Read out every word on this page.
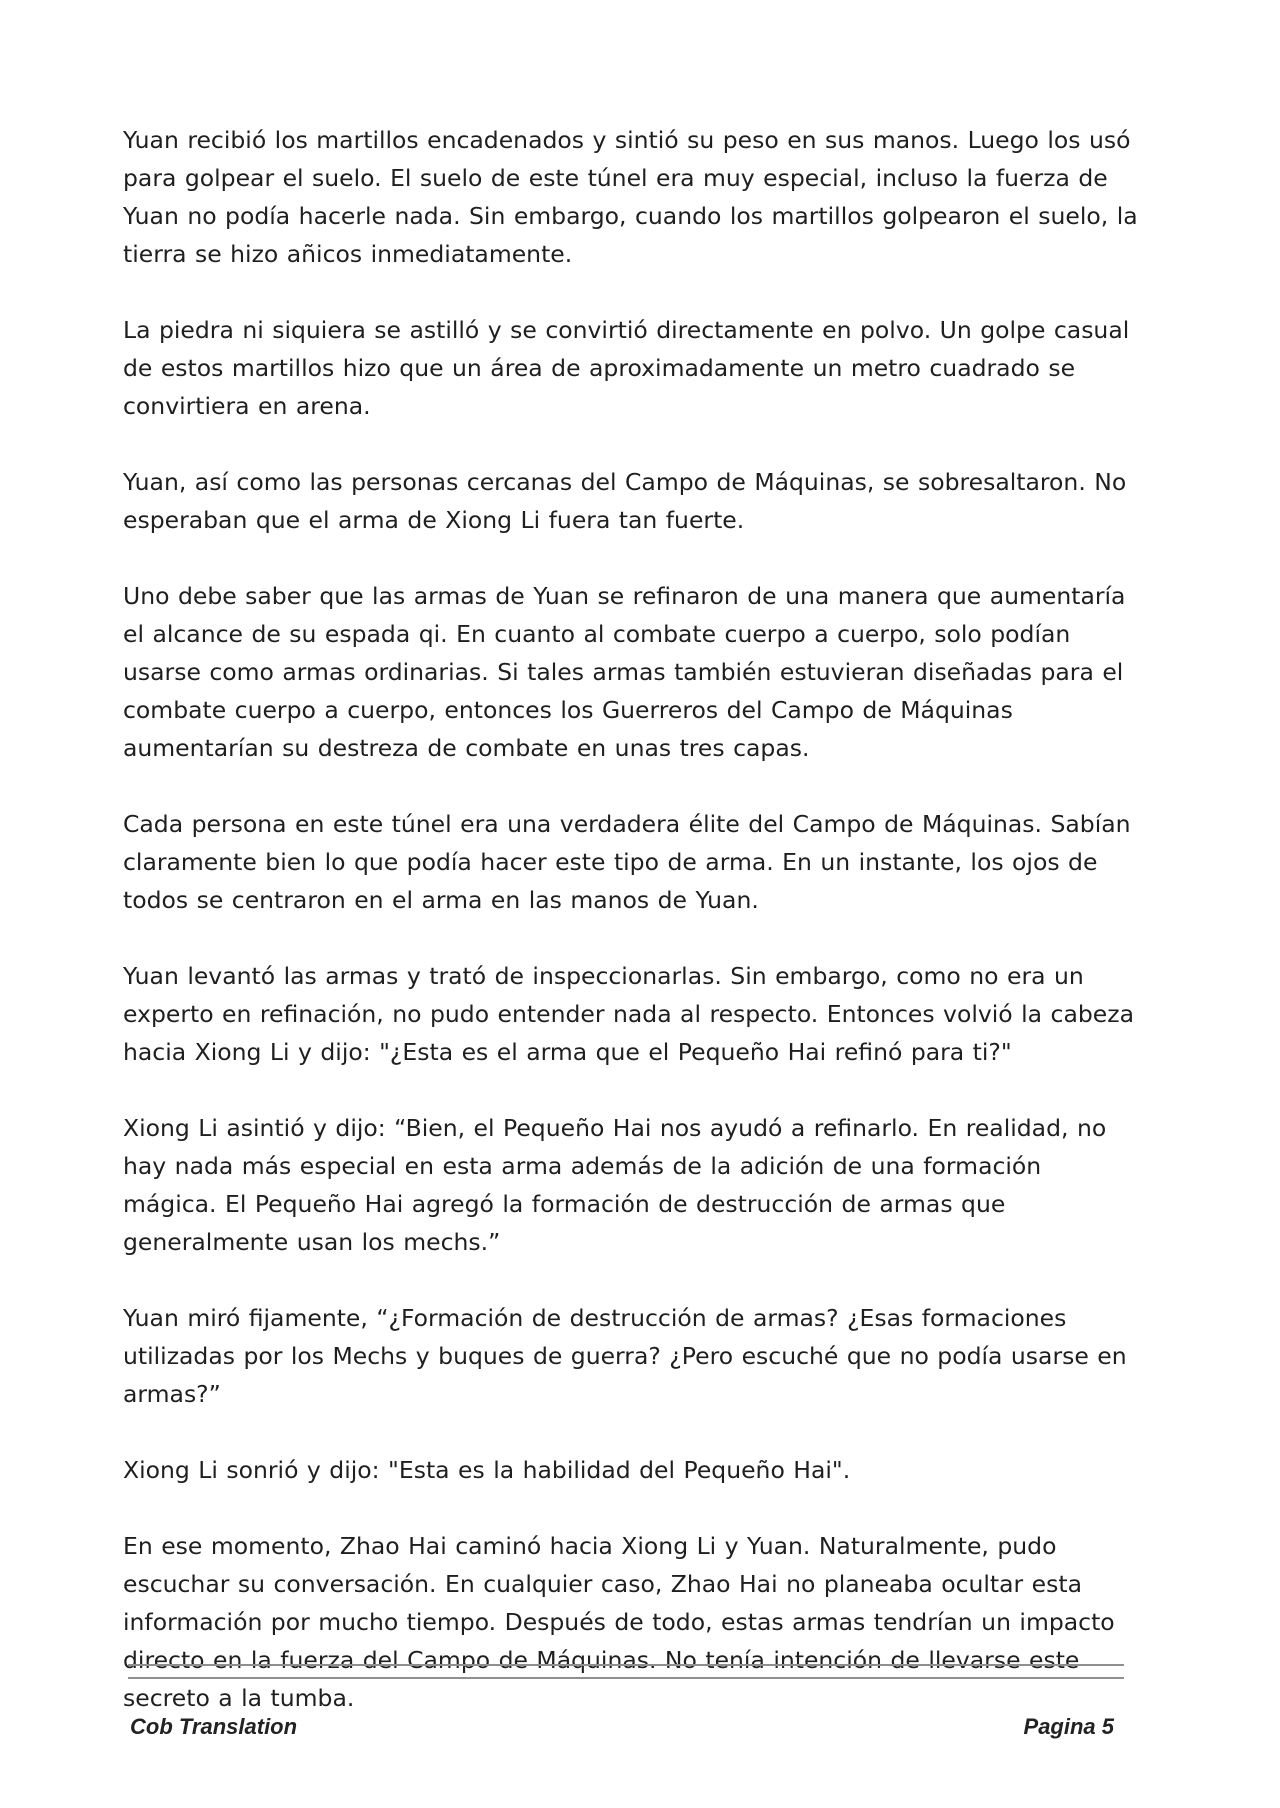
Yuan recibió los martillos encadenados y sintió su peso en sus manos. Luego los usó para golpear el suelo. El suelo de este túnel era muy especial, incluso la fuerza de Yuan no podía hacerle nada. Sin embargo, cuando los martillos golpearon el suelo, la tierra se hizo añicos inmediatamente.

La piedra ni siquiera se astilló y se convirtió directamente en polvo. Un golpe casual de estos martillos hizo que un área de aproximadamente un metro cuadrado se convirtiera en arena.

Yuan, así como las personas cercanas del Campo de Máquinas, se sobresaltaron. No esperaban que el arma de Xiong Li fuera tan fuerte.

Uno debe saber que las armas de Yuan se refinaron de una manera que aumentaría el alcance de su espada qi. En cuanto al combate cuerpo a cuerpo, solo podían usarse como armas ordinarias. Si tales armas también estuvieran diseñadas para el combate cuerpo a cuerpo, entonces los Guerreros del Campo de Máquinas aumentarían su destreza de combate en unas tres capas.

Cada persona en este túnel era una verdadera élite del Campo de Máquinas. Sabían claramente bien lo que podía hacer este tipo de arma. En un instante, los ojos de todos se centraron en el arma en las manos de Yuan.

Yuan levantó las armas y trató de inspeccionarlas. Sin embargo, como no era un experto en refinación, no pudo entender nada al respecto. Entonces volvió la cabeza hacia Xiong Li y dijo: "¿Esta es el arma que el Pequeño Hai refinó para ti?"

Xiong Li asintió y dijo: “Bien, el Pequeño Hai nos ayudó a refinarlo. En realidad, no hay nada más especial en esta arma además de la adición de una formación mágica. El Pequeño Hai agregó la formación de destrucción de armas que generalmente usan los mechs.”

Yuan miró fijamente, “¿Formación de destrucción de armas? ¿Esas formaciones utilizadas por los Mechs y buques de guerra? ¿Pero escuché que no podía usarse en armas?”

Xiong Li sonrió y dijo: "Esta es la habilidad del Pequeño Hai".

En ese momento, Zhao Hai caminó hacia Xiong Li y Yuan. Naturalmente, pudo escuchar su conversación. En cualquier caso, Zhao Hai no planeaba ocultar esta información por mucho tiempo. Después de todo, estas armas tendrían un impacto directo en la fuerza del Campo de Máquinas. No tenía intención de llevarse este secreto a la tumba.

Cob Translation	Pagina 5
